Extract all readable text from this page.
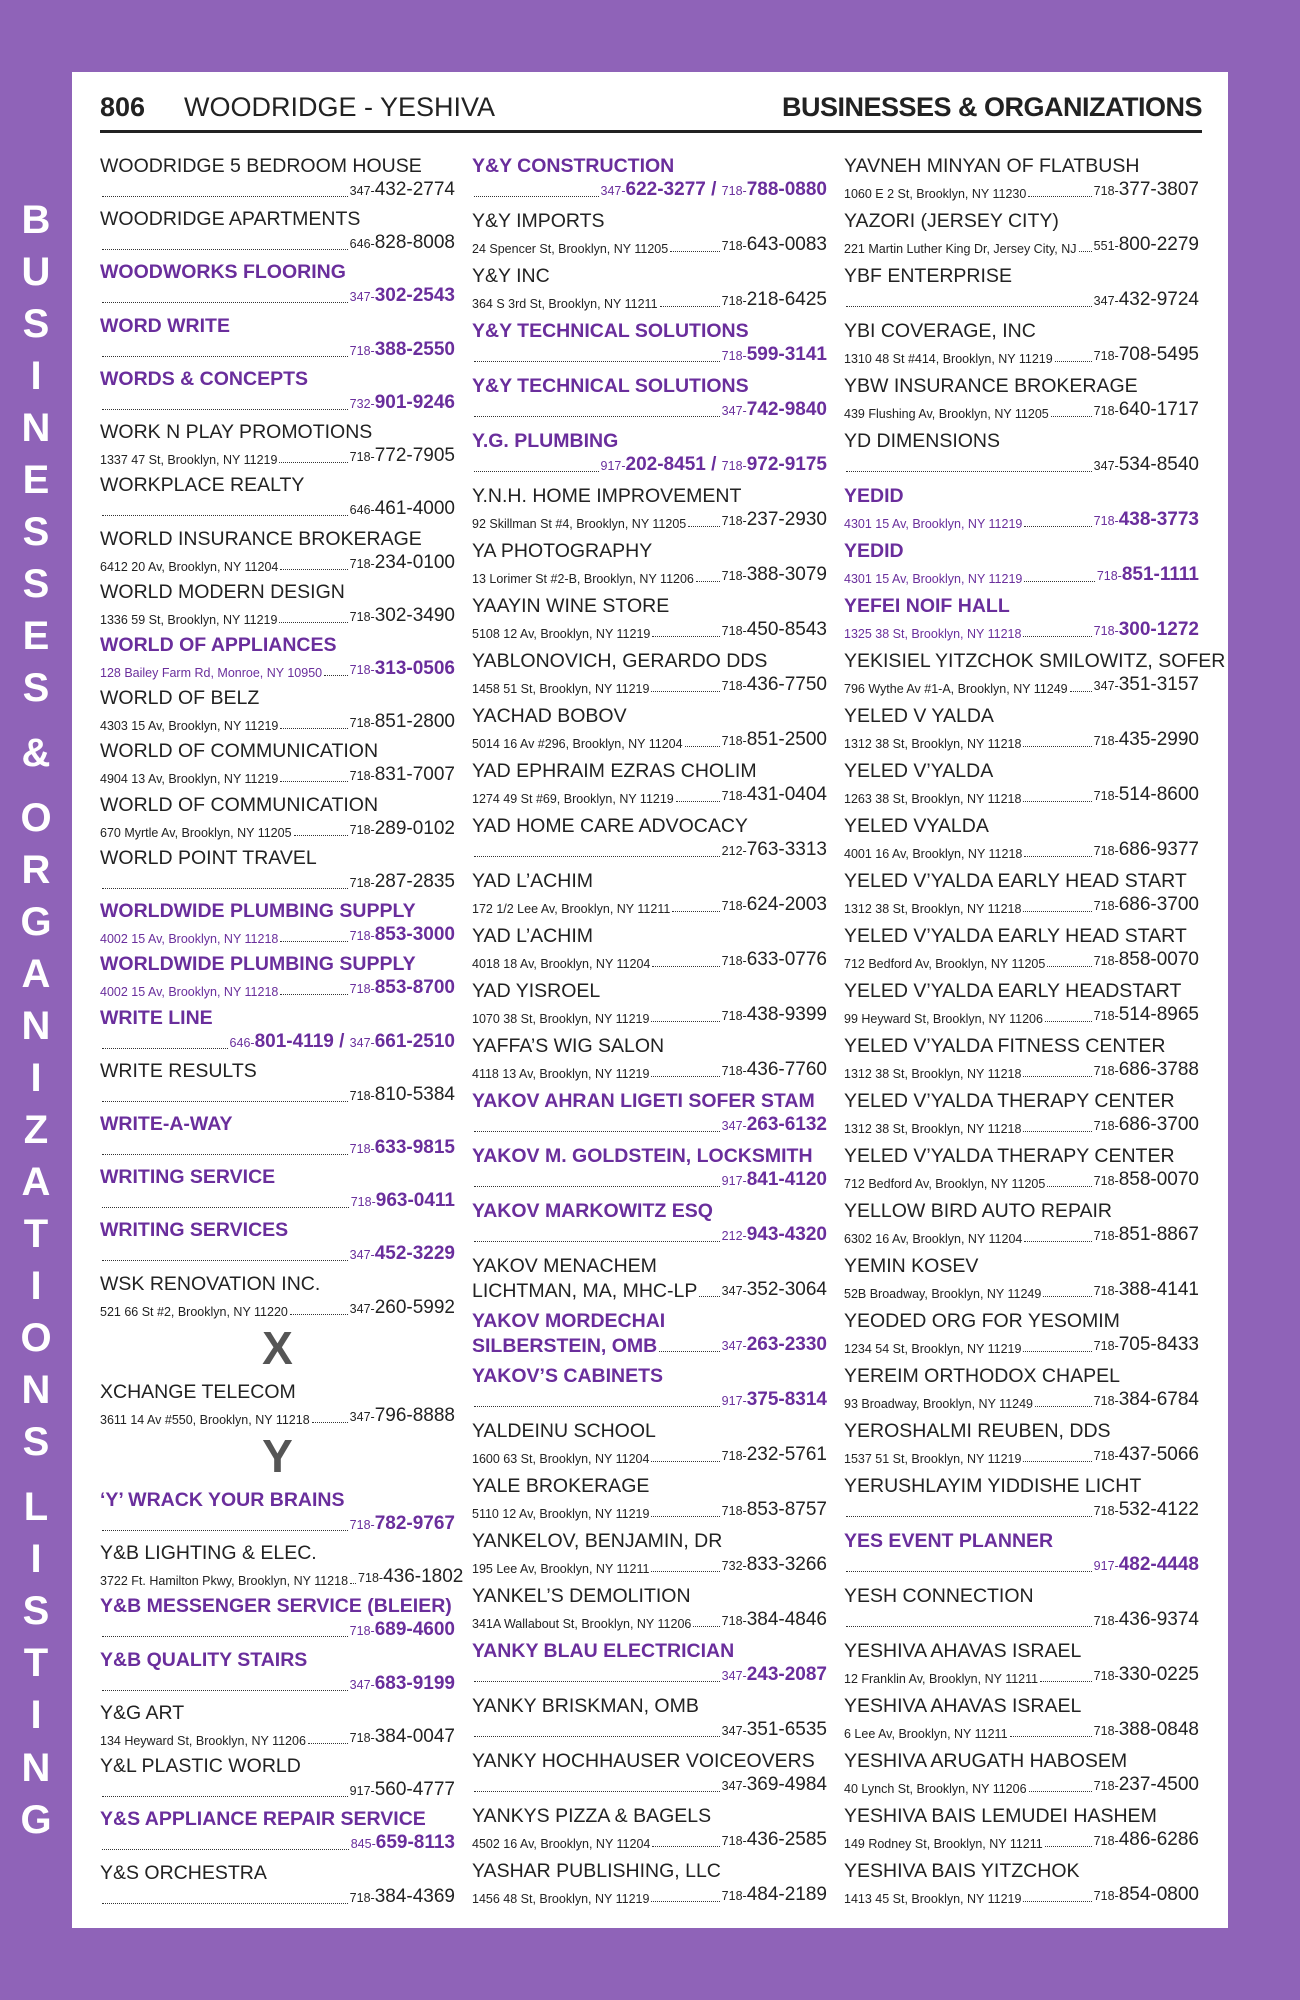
B
U
S
I
N
E
S
S
E
S
&
O
R
G
A
N
I
Z
A
T
I
O
N
S
L
I
S
T
I
N
G
806 WOODRIDGE - YESHIVA	BUSINESSES & ORGANIZATIONS
WOODRIDGE 5 BEDROOM HOUSE
347-432-2774
WOODRIDGE APARTMENTS
646-828-8008
WOODWORKS FLOORING
347-302-2543
WORD WRITE
718-388-2550
WORDS & CONCEPTS
732-901-9246
WORK N PLAY PROMOTIONS
1337 47 St, Brooklyn, NY 11219	718-772-7905
WORKPLACE REALTY
646-461-4000
WORLD INSURANCE BROKERAGE
6412 20 Av, Brooklyn, NY 11204	718-234-0100
WORLD MODERN DESIGN
1336 59 St, Brooklyn, NY 11219	718-302-3490
WORLD OF APPLIANCES
128 Bailey Farm Rd, Monroe, NY 10950 718-313-0506
WORLD OF BELZ
4303 15 Av, Brooklyn, NY 11219	718-851-2800
WORLD OF COMMUNICATION
4904 13 Av, Brooklyn, NY 11219	718-831-7007
WORLD OF COMMUNICATION
670 Myrtle Av, Brooklyn, NY 11205	718-289-0102
WORLD POINT TRAVEL
718-287-2835
WORLDWIDE PLUMBING SUPPLY
4002 15 Av, Brooklyn, NY 11218	718-853-3000
WORLDWIDE PLUMBING SUPPLY
4002 15 Av, Brooklyn, NY 11218	718-853-8700
WRITE LINE
646-801-4119 / 347-661-2510
WRITE RESULTS
718-810-5384
WRITE-A-WAY
718-633-9815
WRITING SERVICE
718-963-0411
WRITING SERVICES
347-452-3229
WSK RENOVATION INC.
521 66 St #2, Brooklyn, NY 11220	347-260-5992
X
XCHANGE TELECOM
3611 14 Av #550, Brooklyn, NY 11218	347-796-8888
Y
‘Y’ WRACK YOUR BRAINS
718-782-9767
Y&B LIGHTING & ELEC.
3722 Ft. Hamilton Pkwy, Brooklyn, NY 11218 718-436-1802
Y&B MESSENGER SERVICE (BLEIER)
718-689-4600
Y&B QUALITY STAIRS
347-683-9199
Y&G ART
134 Heyward St, Brooklyn, NY 11206	718-384-0047
Y&L PLASTIC WORLD
917-560-4777
Y&S APPLIANCE REPAIR SERVICE
845-659-8113
Y&S ORCHESTRA
718-384-4369
Y&Y CONSTRUCTION
347-622-3277 / 718-788-0880
Y&Y IMPORTS
24 Spencer St, Brooklyn, NY 11205	718-643-0083
Y&Y INC
364 S 3rd St, Brooklyn, NY 11211	718-218-6425
Y&Y TECHNICAL SOLUTIONS
718-599-3141
Y&Y TECHNICAL SOLUTIONS
347-742-9840
Y.G. PLUMBING
917-202-8451 / 718-972-9175
Y.N.H. HOME IMPROVEMENT
92 Skillman St #4, Brooklyn, NY 11205	718-237-2930
YA PHOTOGRAPHY
13 Lorimer St #2-B, Brooklyn, NY 11206 718-388-3079
YAAYIN WINE STORE
5108 12 Av, Brooklyn, NY 11219	718-450-8543
YABLONOVICH, GERARDO DDS
1458 51 St, Brooklyn, NY 11219	718-436-7750
YACHAD BOBOV
5014 16 Av #296, Brooklyn, NY 11204	718-851-2500
YAD EPHRAIM EZRAS CHOLIM
1274 49 St #69, Brooklyn, NY 11219	718-431-0404
YAD HOME CARE ADVOCACY
212-763-3313
YAD L’ACHIM
172 1/2 Lee Av, Brooklyn, NY 11211	718-624-2003
YAD L’ACHIM
4018 18 Av, Brooklyn, NY 11204	718-633-0776
YAD YISROEL
1070 38 St, Brooklyn, NY 11219	718-438-9399
YAFFA’S WIG SALON
4118 13 Av, Brooklyn, NY 11219	718-436-7760
YAKOV AHRAN LIGETI SOFER STAM
347-263-6132
YAKOV M. GOLDSTEIN, LOCKSMITH
917-841-4120
YAKOV MARKOWITZ ESQ
212-943-4320
YAKOV MENACHEM
LICHTMAN, MA, MHC-LP 347-352-3064
YAKOV MORDECHAI
SILBERSTEIN, OMB	347-263-2330
YAKOV’S CABINETS
917-375-8314
YALDEINU SCHOOL
1600 63 St, Brooklyn, NY 11204	718-232-5761
YALE BROKERAGE
5110 12 Av, Brooklyn, NY 11219	718-853-8757
YANKELOV, BENJAMIN, DR
195 Lee Av, Brooklyn, NY 11211	732-833-3266
YANKEL’S DEMOLITION
341A Wallabout St, Brooklyn, NY 11206 718-384-4846
YANKY BLAU ELECTRICIAN
347-243-2087
YANKY BRISKMAN, OMB
347-351-6535
YANKY HOCHHAUSER VOICEOVERS
347-369-4984
YANKYS PIZZA & BAGELS
4502 16 Av, Brooklyn, NY 11204	718-436-2585
YASHAR PUBLISHING, LLC
1456 48 St, Brooklyn, NY 11219	718-484-2189
YAVNEH MINYAN OF FLATBUSH
1060 E 2 St, Brooklyn, NY 11230	718-377-3807
YAZORI (JERSEY CITY)
221 Martin Luther King Dr, Jersey City, NJ 551-800-2279
YBF ENTERPRISE
347-432-9724
YBI COVERAGE, INC
1310 48 St #414, Brooklyn, NY 11219	718-708-5495
YBW INSURANCE BROKERAGE
439 Flushing Av, Brooklyn, NY 11205	718-640-1717
YD DIMENSIONS
347-534-8540
YEDID
4301 15 Av, Brooklyn, NY 11219	718-438-3773
YEDID
4301 15 Av, Brooklyn, NY 11219	718-851-1111
YEFEI NOIF HALL
1325 38 St, Brooklyn, NY 11218	718-300-1272
YEKISIEL YITZCHOK SMILOWITZ, SOFER
796 Wythe Av #1-A, Brooklyn, NY 11249 347-351-3157
YELED V YALDA
1312 38 St, Brooklyn, NY 11218	718-435-2990
YELED V’YALDA
1263 38 St, Brooklyn, NY 11218	718-514-8600
YELED VYALDA
4001 16 Av, Brooklyn, NY 11218	718-686-9377
YELED V’YALDA EARLY HEAD START
1312 38 St, Brooklyn, NY 11218	718-686-3700
YELED V’YALDA EARLY HEAD START
712 Bedford Av, Brooklyn, NY 11205	718-858-0070
YELED V’YALDA EARLY HEADSTART
99 Heyward St, Brooklyn, NY 11206	718-514-8965
YELED V’YALDA FITNESS CENTER
1312 38 St, Brooklyn, NY 11218	718-686-3788
YELED V’YALDA THERAPY CENTER
1312 38 St, Brooklyn, NY 11218	718-686-3700
YELED V’YALDA THERAPY CENTER
712 Bedford Av, Brooklyn, NY 11205	718-858-0070
YELLOW BIRD AUTO REPAIR
6302 16 Av, Brooklyn, NY 11204	718-851-8867
YEMIN KOSEV
52B Broadway, Brooklyn, NY 11249	718-388-4141
YEODED ORG FOR YESOMIM
1234 54 St, Brooklyn, NY 11219	718-705-8433
YEREIM ORTHODOX CHAPEL
93 Broadway, Brooklyn, NY 11249	718-384-6784
YEROSHALMI REUBEN, DDS
1537 51 St, Brooklyn, NY 11219	718-437-5066
YERUSHLAYIM YIDDISHE LICHT
718-532-4122
YES EVENT PLANNER
917-482-4448
YESH CONNECTION
718-436-9374
YESHIVA AHAVAS ISRAEL
12 Franklin Av, Brooklyn, NY 11211	718-330-0225
YESHIVA AHAVAS ISRAEL
6 Lee Av, Brooklyn, NY 11211	718-388-0848
YESHIVA ARUGATH HABOSEM
40 Lynch St, Brooklyn, NY 11206	718-237-4500
YESHIVA BAIS LEMUDEI HASHEM
149 Rodney St, Brooklyn, NY 11211	718-486-6286
YESHIVA BAIS YITZCHOK
1413 45 St, Brooklyn, NY 11219	718-854-0800
